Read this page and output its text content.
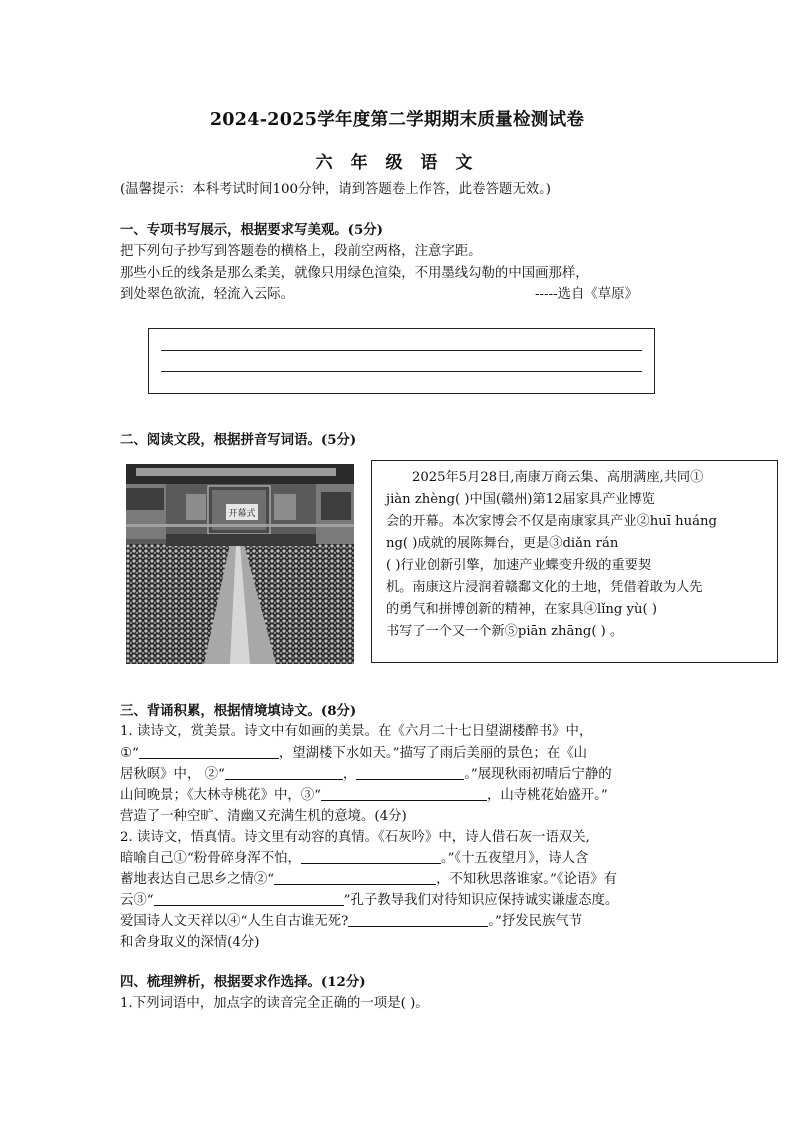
2024-2025学年度第二学期期末质量检测试卷
六 年 级 语 文
(温馨提示：本科考试时间100分钟，请到答题卷上作答，此卷答题无效。)
一、专项书写展示，根据要求写美观。(5分)
把下列句子抄写到答题卷的横格上，段前空两格，注意字距。
那些小丘的线条是那么柔美，就像只用绿色渲染，不用墨线勾勒的中国画那样，
到处翠色欲流，轻流入云际。	-----选自《草原》
二、阅读文段，根据拼音写词语。(5分)
开幕式
2025年5月28日,南康万商云集、高朋满座,共同①
jiàn zhèng( )中国(赣州)第12届家具产业博览
会的开幕。本次家博会不仅是南康家具产业②huī huáng
ng( )成就的展陈舞台，更是③diǎn rán
( )行业创新引擎，加速产业蝶变升级的重要契
机。南康这片浸润着赣鄱文化的土地，凭借着敢为人先
的勇气和拼博创新的精神，在家具④lǐng yù( )
书写了一个又一个新⑤piān zhāng( ) 。
三、背诵积累，根据情境填诗文。(8分)
1. 读诗文，赏美景。诗文中有如画的美景。在《六月二十七日望湖楼醉书》中，
①“	，望湖楼下水如天。”描写了雨后美丽的景色；在《山
居秋暝》中， ②“	，	。”展现秋雨初晴后宁静的
山间晚景；《大林寺桃花》中，③“	，山寺桃花始盛开。”
营造了一种空旷、清幽又充满生机的意境。(4分)
2. 读诗文，悟真情。诗文里有动容的真情。《石灰吟》中，诗人借石灰一语双关,
暗喻自己①“粉骨碎身浑不怕，	。”《十五夜望月》，诗人含
蓄地表达自己思乡之情②“	，不知秋思落谁家。”《论语》有
云③“	”孔子教导我们对待知识应保持诚实谦虚态度。
爱国诗人文天祥以④“人生自古谁无死?	。”抒发民族气节
和舍身取义的深情(4分)
四、梳理辨析，根据要求作选择。(12分)
1.下列词语中，加点字的读音完全正确的一项是( )。
